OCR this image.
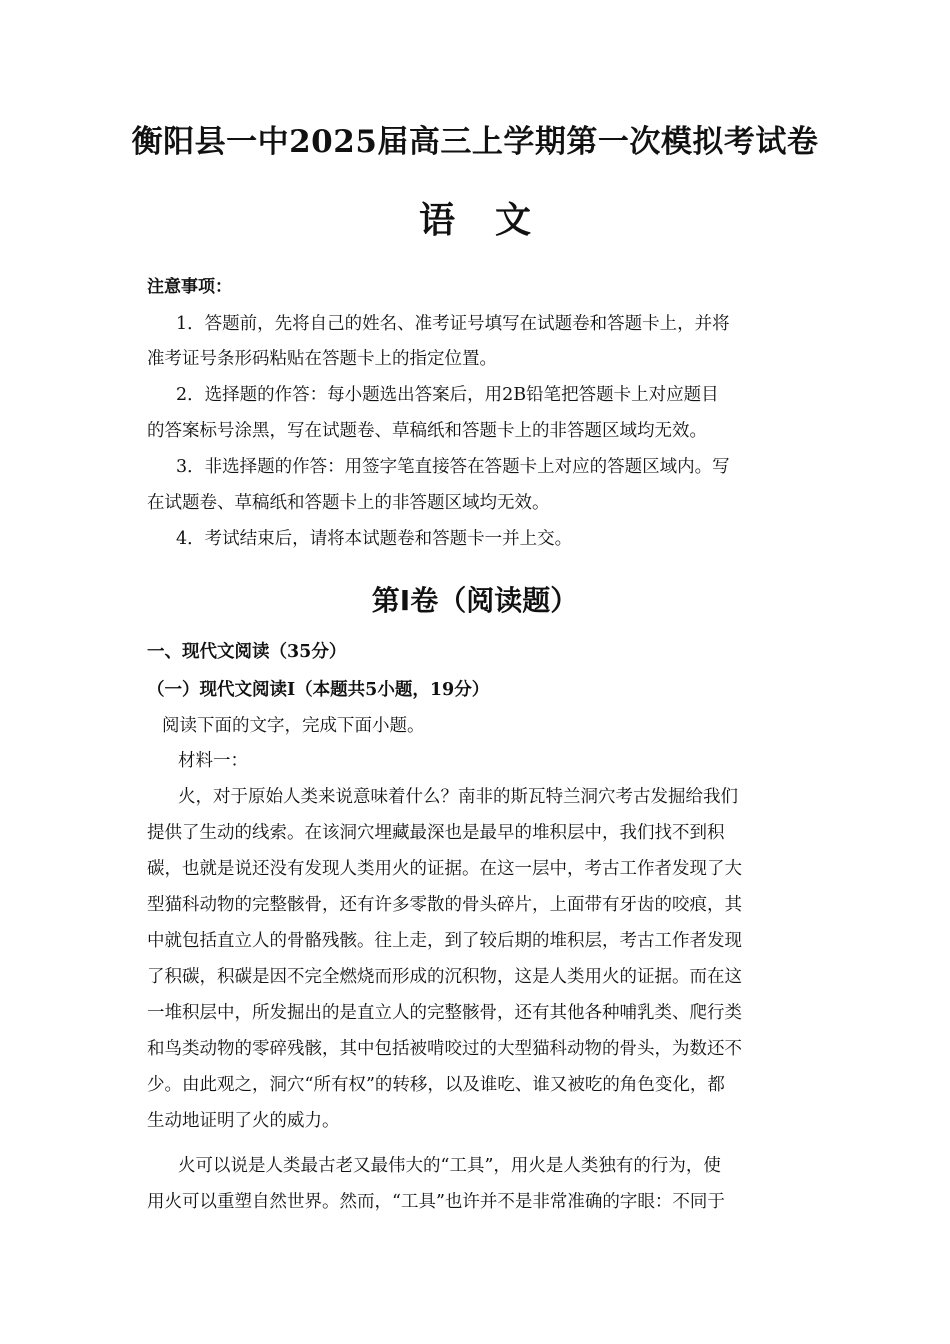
衡阳县一中2025届高三上学期第一次模拟考试卷
语文
注意事项：
1．答题前，先将自己的姓名、准考证号填写在试题卷和答题卡上，并将
准考证号条形码粘贴在答题卡上的指定位置。
2．选择题的作答：每小题选出答案后，用2B铅笔把答题卡上对应题目
的答案标号涂黑，写在试题卷、草稿纸和答题卡上的非答题区域均无效。
3．非选择题的作答：用签字笔直接答在答题卡上对应的答题区域内。写
在试题卷、草稿纸和答题卡上的非答题区域均无效。
4．考试结束后，请将本试题卷和答题卡一并上交。
第Ⅰ卷（阅读题）
一、现代文阅读（35分）
（一）现代文阅读Ⅰ（本题共5小题，19分）
阅读下面的文字，完成下面小题。
材料一：
火，对于原始人类来说意味着什么？南非的斯瓦特兰洞穴考古发掘给我们
提供了生动的线索。在该洞穴埋藏最深也是最早的堆积层中，我们找不到积
碳，也就是说还没有发现人类用火的证据。在这一层中，考古工作者发现了大
型猫科动物的完整骸骨，还有许多零散的骨头碎片，上面带有牙齿的咬痕，其
中就包括直立人的骨骼残骸。往上走，到了较后期的堆积层，考古工作者发现
了积碳，积碳是因不完全燃烧而形成的沉积物，这是人类用火的证据。而在这
一堆积层中，所发掘出的是直立人的完整骸骨，还有其他各种哺乳类、爬行类
和鸟类动物的零碎残骸，其中包括被啃咬过的大型猫科动物的骨头，为数还不
少。由此观之，洞穴“所有权”的转移，以及谁吃、谁又被吃的角色变化，都
生动地证明了火的威力。
火可以说是人类最古老又最伟大的“工具”，用火是人类独有的行为，使
用火可以重塑自然世界。然而，“工具”也许并不是非常准确的字眼：不同于
